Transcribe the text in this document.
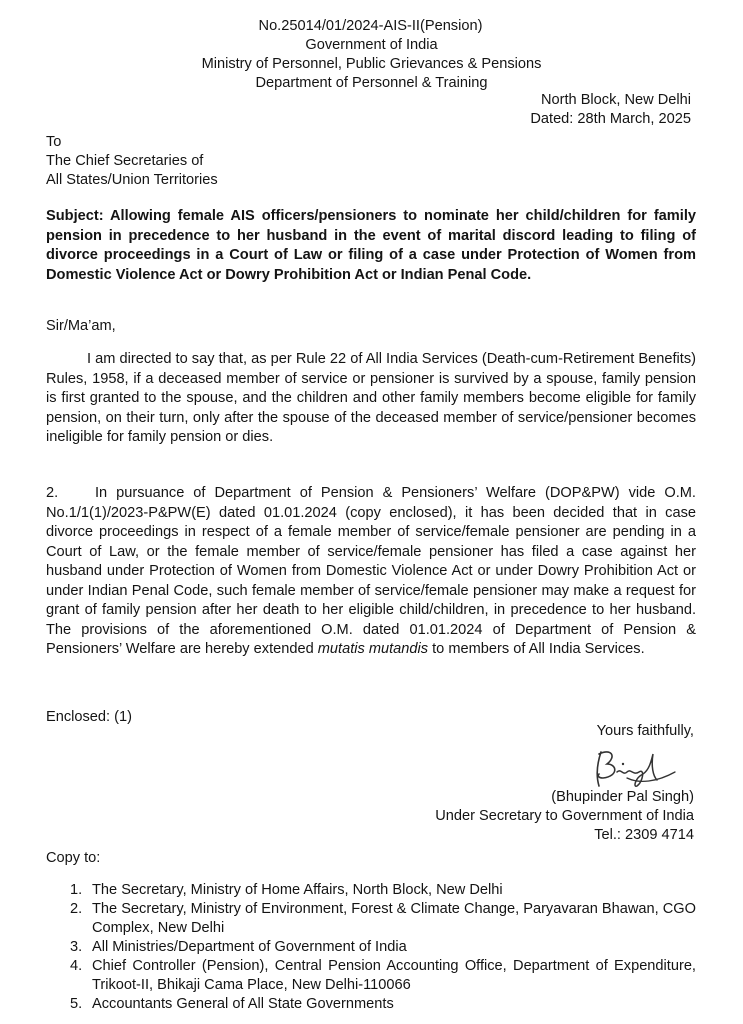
No.25014/01/2024-AIS-II(Pension)
Government of India
Ministry of Personnel, Public Grievances & Pensions
Department of Personnel & Training
North Block, New Delhi
Dated: 28th March, 2025
To
The Chief Secretaries of
All States/Union Territories
Subject: Allowing female AIS officers/pensioners to nominate her child/children for family pension in precedence to her husband in the event of marital discord leading to filing of divorce proceedings in a Court of Law or filing of a case under Protection of Women from Domestic Violence Act or Dowry Prohibition Act or Indian Penal Code.
Sir/Ma’am,
I am directed to say that, as per Rule 22 of All India Services (Death-cum-Retirement Benefits) Rules, 1958, if a deceased member of service or pensioner is survived by a spouse, family pension is first granted to the spouse, and the children and other family members become eligible for family pension, on their turn, only after the spouse of the deceased member of service/pensioner becomes ineligible for family pension or dies.
2.	In pursuance of Department of Pension & Pensioners’ Welfare (DOP&PW) vide O.M. No.1/1(1)/2023-P&PW(E) dated 01.01.2024 (copy enclosed), it has been decided that in case divorce proceedings in respect of a female member of service/female pensioner are pending in a Court of Law, or the female member of service/female pensioner has filed a case against her husband under Protection of Women from Domestic Violence Act or under Dowry Prohibition Act or under Indian Penal Code, such female member of service/female pensioner may make a request for grant of family pension after her death to her eligible child/children, in precedence to her husband. The provisions of the aforementioned O.M. dated 01.01.2024 of Department of Pension & Pensioners’ Welfare are hereby extended mutatis mutandis to members of All India Services.
Enclosed: (1)
Yours faithfully,
(Bhupinder Pal Singh)
Under Secretary to Government of India
Tel.: 2309 4714
Copy to:
1. The Secretary, Ministry of Home Affairs, North Block, New Delhi
2. The Secretary, Ministry of Environment, Forest & Climate Change, Paryavaran Bhawan, CGO Complex, New Delhi
3. All Ministries/Department of Government of India
4. Chief Controller (Pension), Central Pension Accounting Office, Department of Expenditure, Trikoot-II, Bhikaji Cama Place, New Delhi-110066
5. Accountants General of All State Governments
